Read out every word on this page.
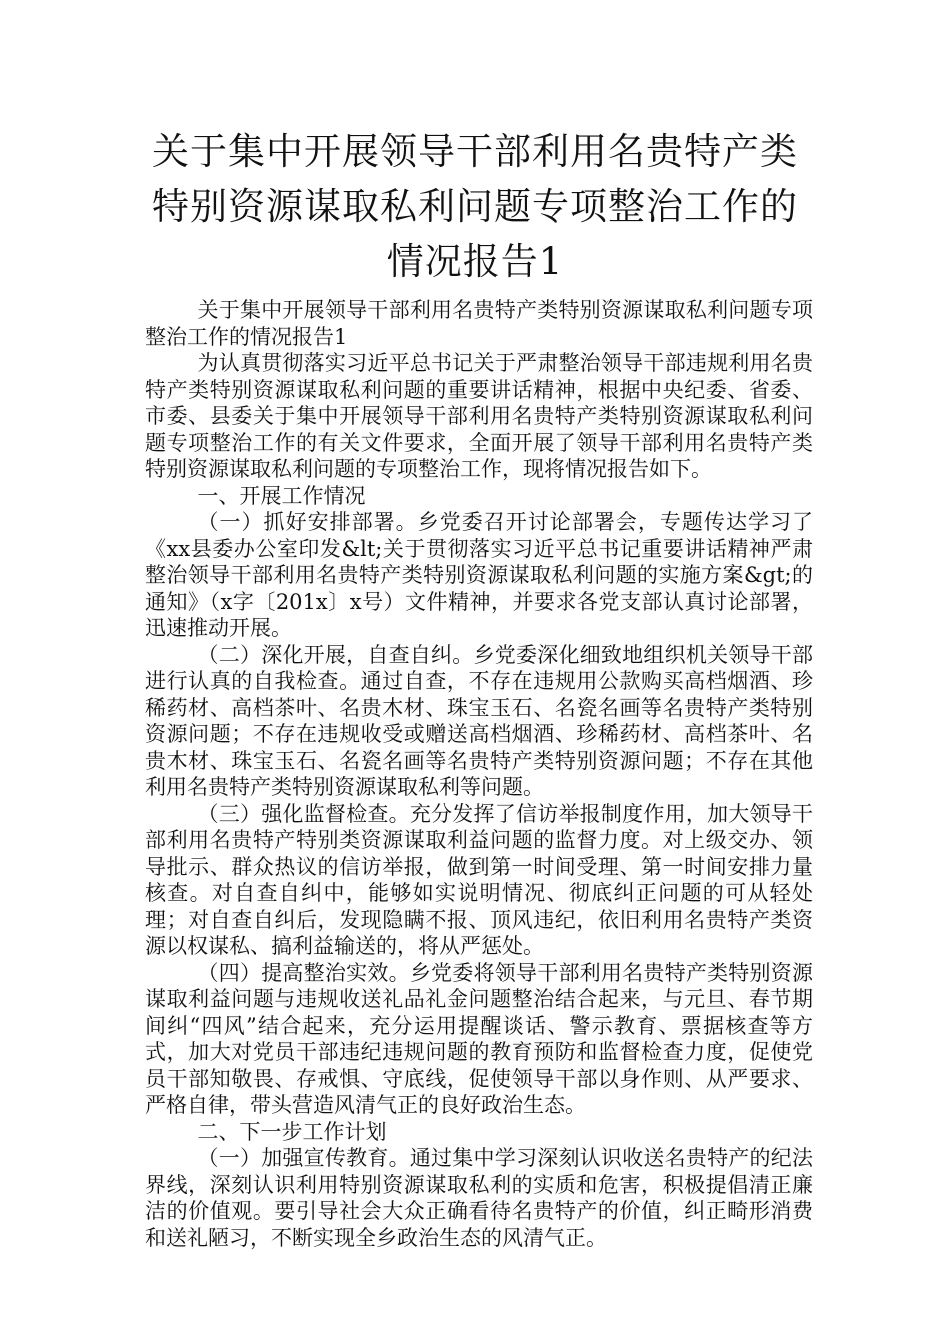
关于集中开展领导干部利用名贵特产类特别资源谋取私利问题专项整治工作的情况报告1

关于集中开展领导干部利用名贵特产类特别资源谋取私利问题专项整治工作的情况报告1

为认真贯彻落实习近平总书记关于严肃整治领导干部违规利用名贵特产类特别资源谋取私利问题的重要讲话精神，根据中央纪委、省委、市委、县委关于集中开展领导干部利用名贵特产类特别资源谋取私利问题专项整治工作的有关文件要求，全面开展了领导干部利用名贵特产类特别资源谋取私利问题的专项整治工作，现将情况报告如下。

一、开展工作情况

（一）抓好安排部署。乡党委召开讨论部署会，专题传达学习了《xx县委办公室印发&lt;关于贯彻落实习近平总书记重要讲话精神严肃整治领导干部利用名贵特产类特别资源谋取私利问题的实施方案&gt;的通知》（x字〔201x〕x号）文件精神，并要求各党支部认真讨论部署，迅速推动开展。

（二）深化开展，自查自纠。乡党委深化细致地组织机关领导干部进行认真的自我检查。通过自查，不存在违规用公款购买高档烟酒、珍稀药材、高档茶叶、名贵木材、珠宝玉石、名瓷名画等名贵特产类特别资源问题；不存在违规收受或赠送高档烟酒、珍稀药材、高档茶叶、名贵木材、珠宝玉石、名瓷名画等名贵特产类特别资源问题；不存在其他利用名贵特产类特别资源谋取私利等问题。

（三）强化监督检查。充分发挥了信访举报制度作用，加大领导干部利用名贵特产特别类资源谋取利益问题的监督力度。对上级交办、领导批示、群众热议的信访举报，做到第一时间受理、第一时间安排力量核查。对自查自纠中，能够如实说明情况、彻底纠正问题的可从轻处理；对自查自纠后，发现隐瞒不报、顶风违纪，依旧利用名贵特产类资源以权谋私、搞利益输送的，将从严惩处。

（四）提高整治实效。乡党委将领导干部利用名贵特产类特别资源谋取利益问题与违规收送礼品礼金问题整治结合起来，与元旦、春节期间纠“四风”结合起来，充分运用提醒谈话、警示教育、票据核查等方式，加大对党员干部违纪违规问题的教育预防和监督检查力度，促使党员干部知敬畏、存戒惧、守底线，促使领导干部以身作则、从严要求、严格自律，带头营造风清气正的良好政治生态。

二、下一步工作计划

（一）加强宣传教育。通过集中学习深刻认识收送名贵特产的纪法界线，深刻认识利用特别资源谋取私利的实质和危害，积极提倡清正廉洁的价值观。要引导社会大众正确看待名贵特产的价值，纠正畸形消费和送礼陋习，不断实现全乡政治生态的风清气正。
